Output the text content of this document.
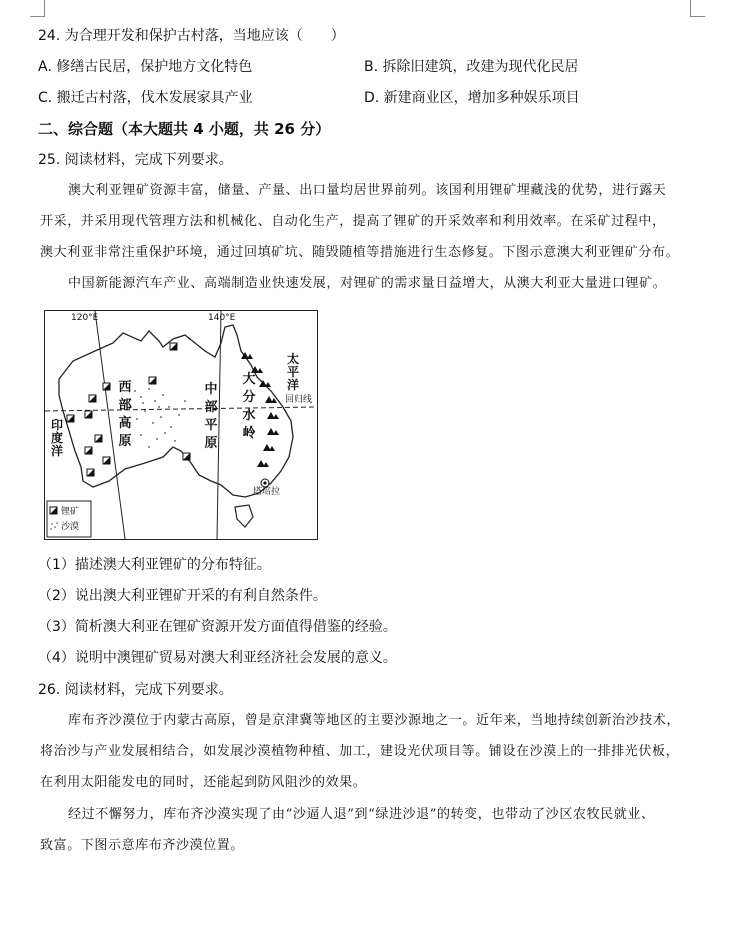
24. 为合理开发和保护古村落，当地应该（　　）
A. 修缮古民居，保护地方文化特色	B. 拆除旧建筑，改建为现代化民居
C. 搬迁古村落，伐木发展家具产业	D. 新建商业区，增加多种娱乐项目
二、综合题（本大题共 4 小题，共 26 分）
25. 阅读材料，完成下列要求。
澳大利亚锂矿资源丰富，储量、产量、出口量均居世界前列。该国利用锂矿埋藏浅的优势，进行露天
开采，并采用现代管理方法和机械化、自动化生产，提高了锂矿的开采效率和利用效率。在采矿过程中，
澳大利亚非常注重保护环境，通过回填矿坑、随毁随植等措施进行生态修复。下图示意澳大利亚锂矿分布。
中国新能源汽车产业、高端制造业快速发展，对锂矿的需求量日益增大，从澳大利亚大量进口锂矿。
120°E	140°E
西部高原
中部平原
大分水岭
回归线
塔培拉
太平洋
印度洋
锂矿
沙漠
（1）描述澳大利亚锂矿的分布特征。
（2）说出澳大利亚锂矿开采的有利自然条件。
（3）简析澳大利亚在锂矿资源开发方面值得借鉴的经验。
（4）说明中澳锂矿贸易对澳大利亚经济社会发展的意义。
26. 阅读材料，完成下列要求。
库布齐沙漠位于内蒙古高原，曾是京津冀等地区的主要沙源地之一。近年来，当地持续创新治沙技术，
将治沙与产业发展相结合，如发展沙漠植物种植、加工，建设光伏项目等。铺设在沙漠上的一排排光伏板，
在利用太阳能发电的同时，还能起到防风阻沙的效果。
经过不懈努力，库布齐沙漠实现了由“沙逼人退”到“绿进沙退”的转变，也带动了沙区农牧民就业、
致富。下图示意库布齐沙漠位置。
